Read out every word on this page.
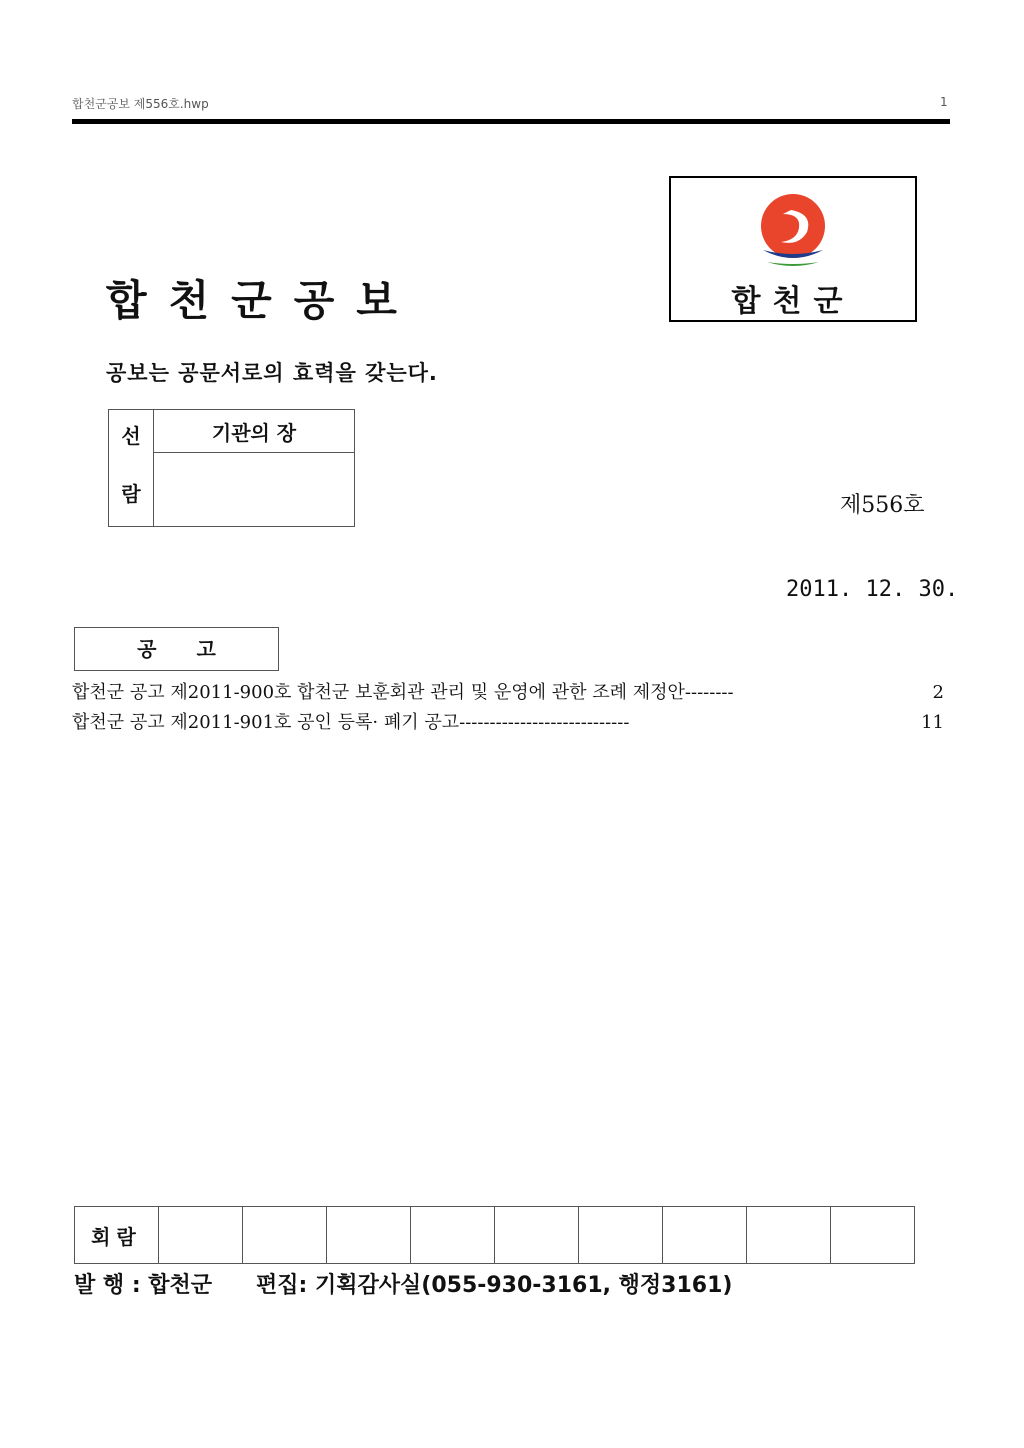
합천군공보 제556호.hwp	1
합천군공보	합천군
공보는 공문서로의 효력을 갖는다.
선
람
	기관의 장

제556호
2011. 12. 30.
공고
합천군 공고 제2011-900호 합천군 보훈회관 관리 및 운영에 관한 조례 제정안--------	2
합천군 공고 제2011-901호 공인 등록· 폐기 공고----------------------------	11
회람									
발 행 : 합천군 편집: 기획감사실(055-930-3161, 행정3161)
